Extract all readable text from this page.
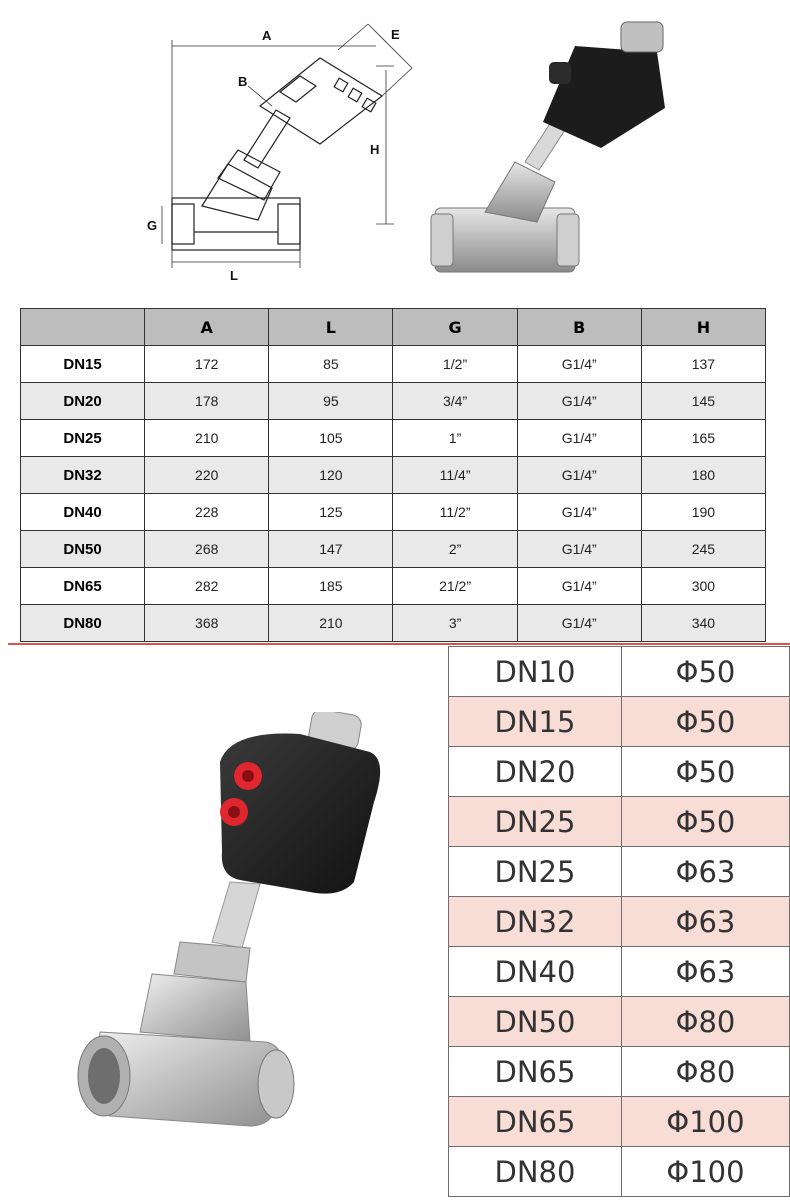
A	E
B
H
G
L
	A	L	G	B	H
DN15	172	85	1/2”	G1/4”	137
DN20	178	95	3/4”	G1/4”	145
DN25	210	105	1”	G1/4”	165
DN32	220	120	11/4”	G1/4”	180
DN40	228	125	11/2”	G1/4”	190
DN50	268	147	2”	G1/4”	245
DN65	282	185	21/2”	G1/4”	300
DN80	368	210	3”	G1/4”	340
DN10	Φ50
DN15	Φ50
DN20	Φ50
DN25	Φ50
DN25	Φ63
DN32	Φ63
DN40	Φ63
DN50	Φ80
DN65	Φ80
DN65	Φ100
DN80	Φ100
